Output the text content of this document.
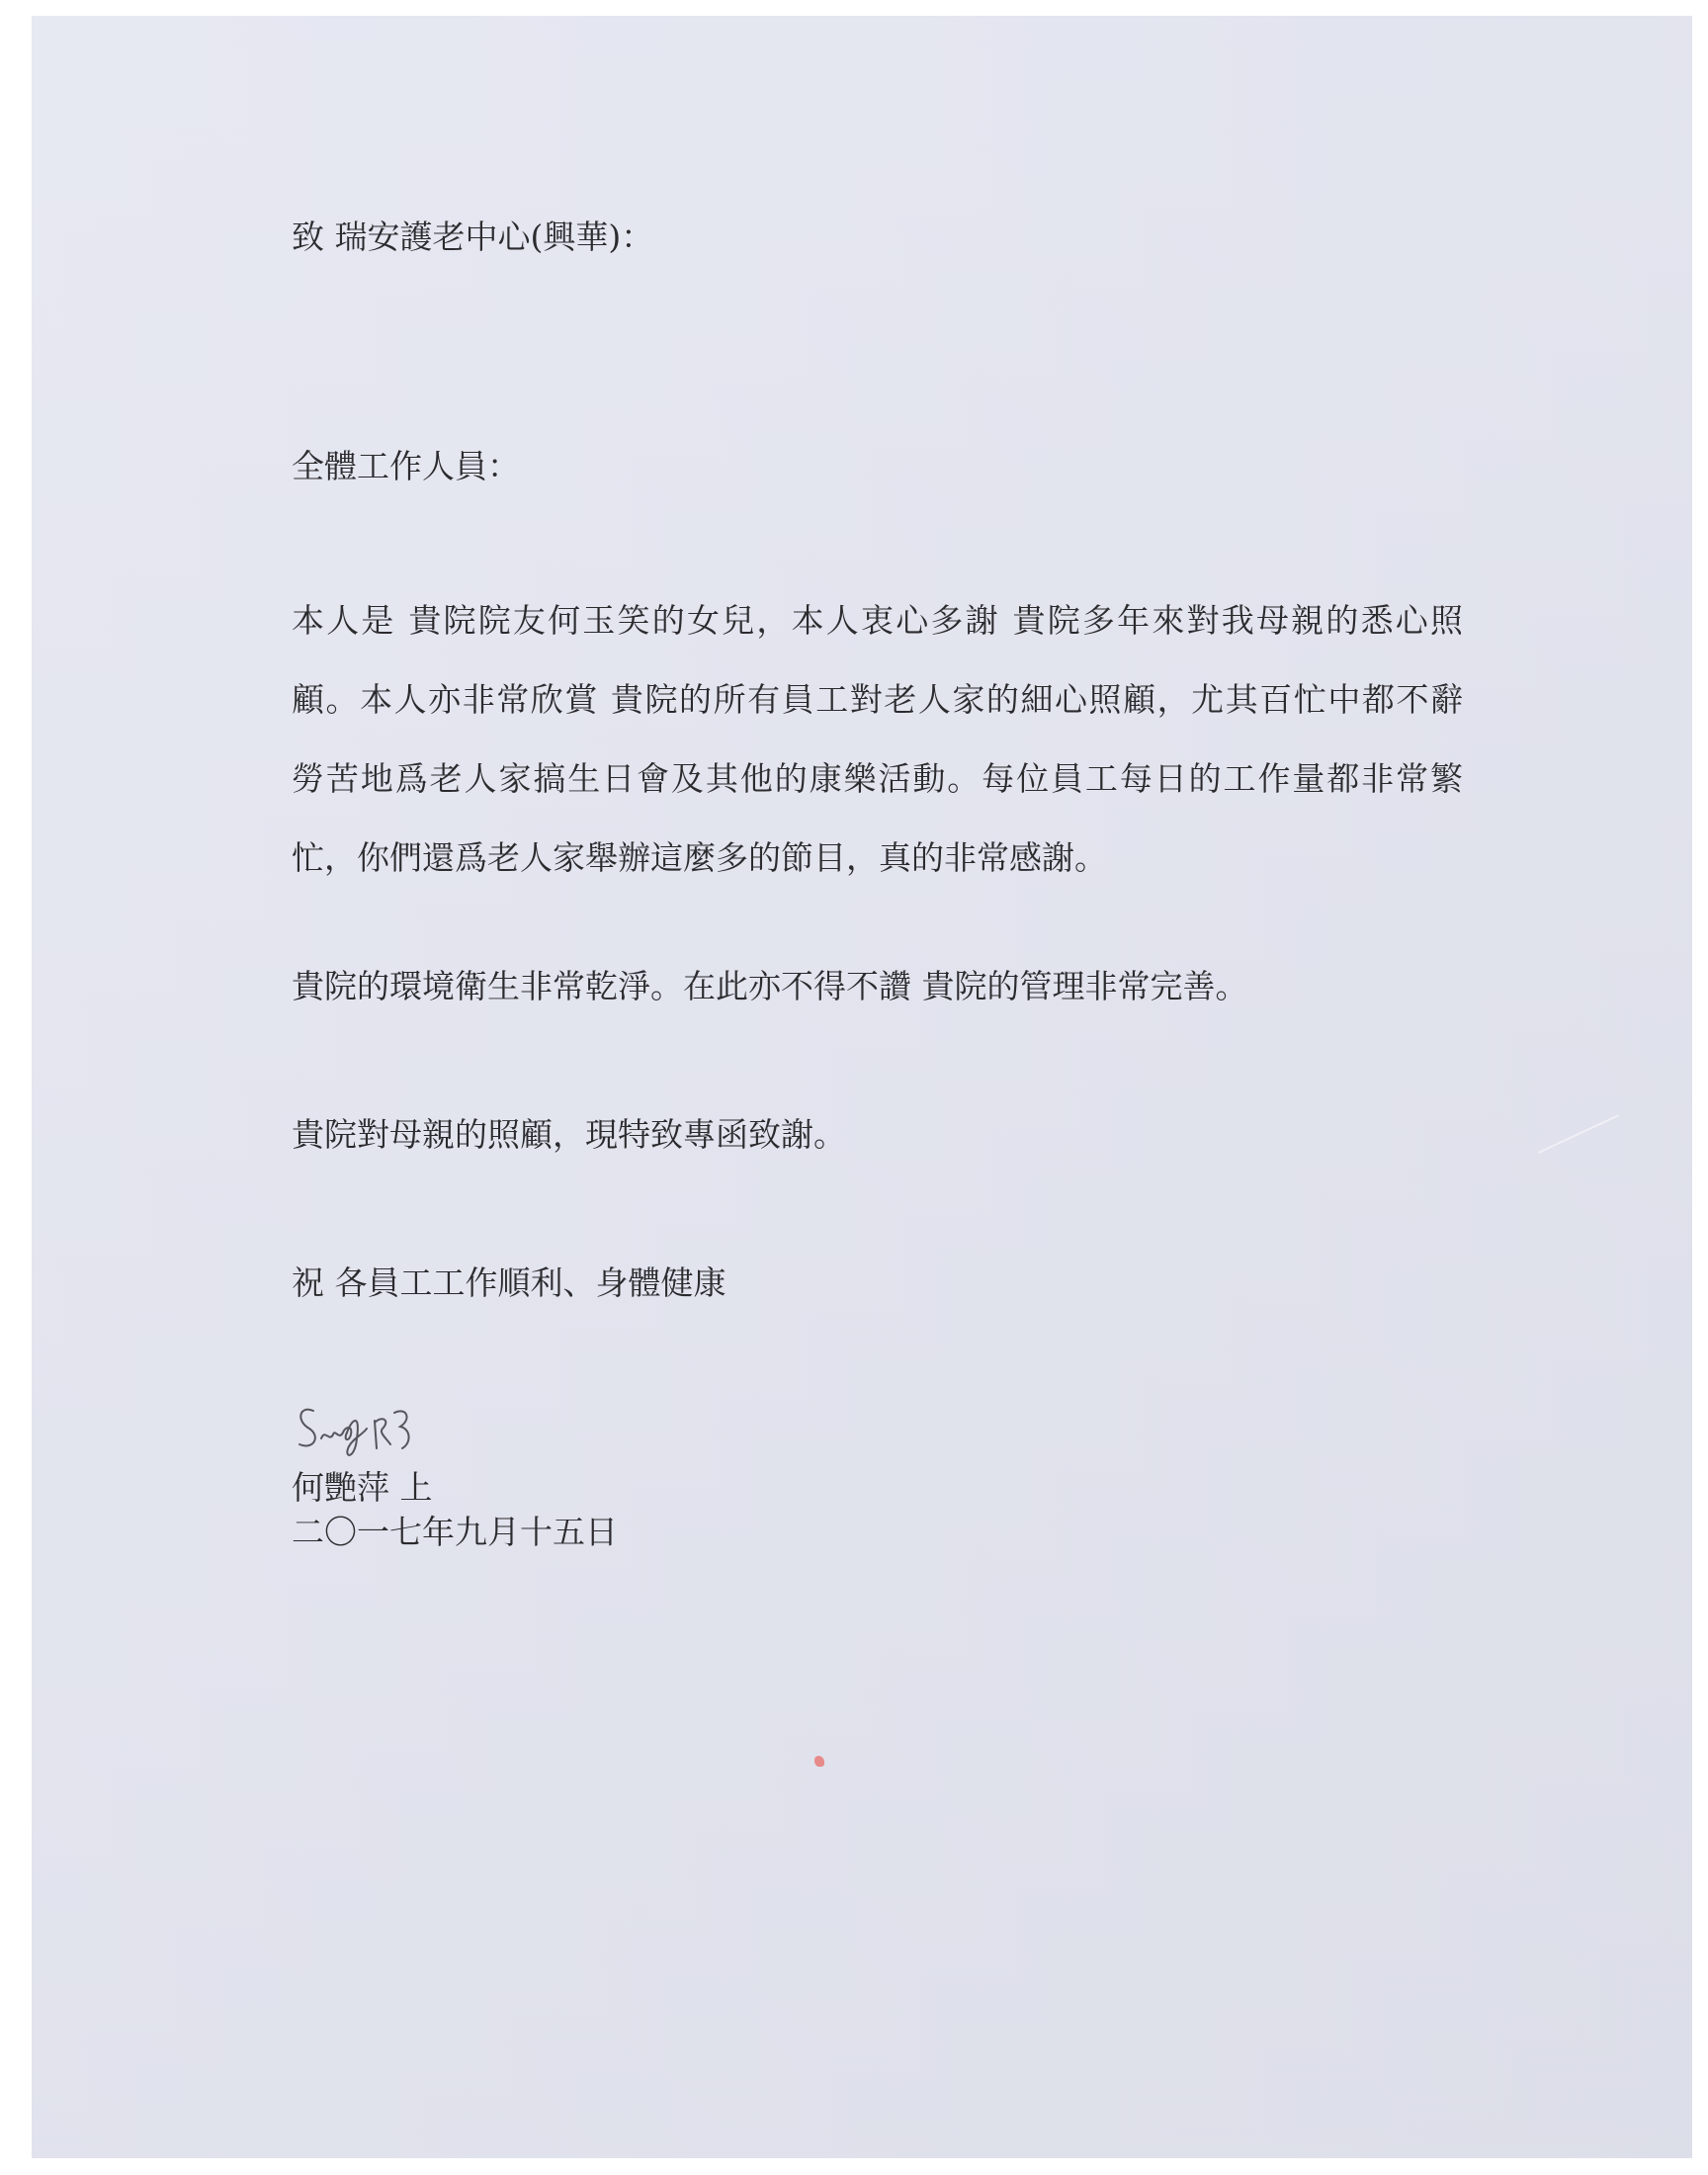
致 瑞安護老中心(興華)：
全體工作人員：
本人是 貴院院友何玉笑的女兒，本人衷心多謝 貴院多年來對我母親的悉心照
顧。本人亦非常欣賞 貴院的所有員工對老人家的細心照顧，尤其百忙中都不辭
勞苦地爲老人家搞生日會及其他的康樂活動。每位員工每日的工作量都非常繁
忙，你們還爲老人家舉辦這麼多的節目，真的非常感謝。
貴院的環境衛生非常乾淨。在此亦不得不讚 貴院的管理非常完善。
貴院對母親的照顧，現特致專函致謝。
祝 各員工工作順利、身體健康
何艷萍 上
二〇一七年九月十五日
